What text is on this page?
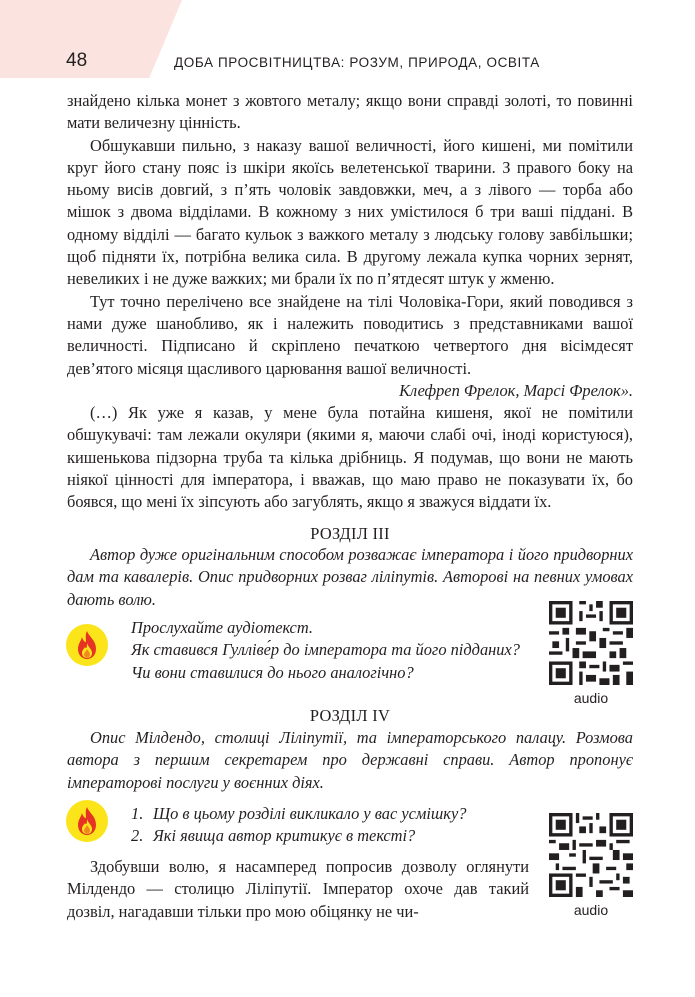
48	ДОБА ПРОСВІТНИЦТВА: РОЗУМ, ПРИРОДА, ОСВІТА

знайдено кілька монет з жовтого металу; якщо вони справді золоті, то повинні мати величезну цінність.

Обшукавши пильно, з наказу вашої величності, його кишені, ми помітили круг його стану пояс із шкіри якоїсь велетенської тварини. З правого боку на ньому висів довгий, з п’ять чоловік завдовжки, меч, а з лівого — торба або мішок з двома відділами. В кожному з них умістилося б три ваші піддані. В одному відділі — багато кульок з важкого металу з людську голову завбільшки; щоб підняти їх, потрібна велика сила. В другому лежала купка чорних зернят, невеликих і не дуже важких; ми брали їх по п’ятдесят штук у жменю.

Тут точно перелічено все знайдене на тілі Чоловіка-Гори, який поводився з нами дуже шанобливо, як і належить поводитись з представниками вашої величності. Підписано й скріплено печаткою четвертого дня вісімдесят дев’ятого місяця щасливого царювання вашої величності.

Клефреп Фрелок, Марсі Фрелок».

(…) Як уже я казав, у мене була потайна кишеня, якої не помітили обшукувачі: там лежали окуляри (якими я, маючи слабі очі, іноді користуюся), кишенькова підзорна труба та кілька дрібниць. Я подумав, що вони не мають ніякої цінності для імператора, і вважав, що маю право не показувати їх, бо боявся, що мені їх зіпсують або загублять, якщо я зважуся віддати їх.

РОЗДІЛ ІІІ

Автор дуже оригінальним способом розважає імператора і його придворних дам та кавалерів. Опис придворних розваг ліліпутів. Авторові на певних умовах дають волю.

Прослухайте аудіотекст.

Як ставився Гулліве́р до імператора та його підданих? Чи вони ставилися до нього аналогічно?

audio
РОЗДІЛ ІV

Опис Мілдендо, столиці Ліліпутії, та імператорського палацу. Розмова автора з першим секретарем про державні справи. Автор пропонує імператорові послуги у воєнних діях.

1. Що в цьому розділі викликало у вас усмішку?
2. Які явища автор критикує в тексті?
audio

Здобувши волю, я насамперед попросив дозволу оглянути Мілдендо — столицю Ліліпутії. Імператор охоче дав такий дозвіл, нагадавши тільки про мою обіцянку не чи-
